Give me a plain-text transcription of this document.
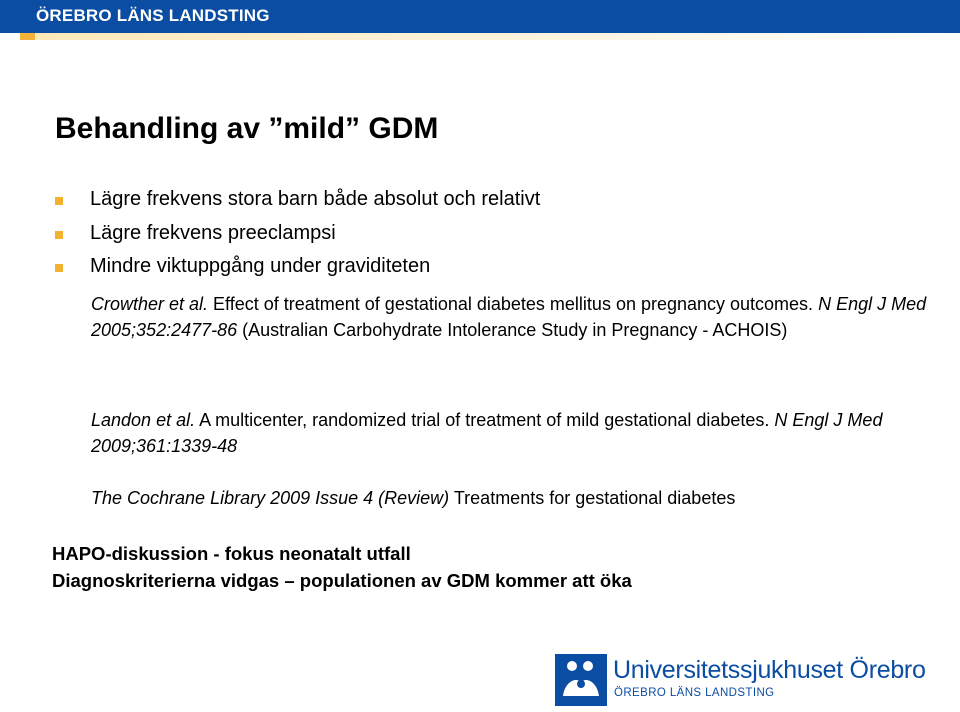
ÖREBRO LÄNS LANDSTING
Behandling av ”mild” GDM
Lägre frekvens stora barn både absolut och relativt
Lägre frekvens preeclampsi
Mindre viktuppgång under graviditeten
Crowther et al. Effect of treatment of gestational diabetes mellitus on pregnancy outcomes. N Engl J Med 2005;352:2477-86 (Australian Carbohydrate Intolerance Study in Pregnancy - ACHOIS)
Landon et al. A multicenter, randomized trial of treatment of mild gestational diabetes. N Engl J Med 2009;361:1339-48
The Cochrane Library 2009 Issue 4 (Review) Treatments for gestational diabetes
HAPO-diskussion - fokus neonatalt utfall
Diagnoskriterierna vidgas – populationen av GDM kommer att öka
Universitetssjukhuset Örebro
ÖREBRO LÄNS LANDSTING
